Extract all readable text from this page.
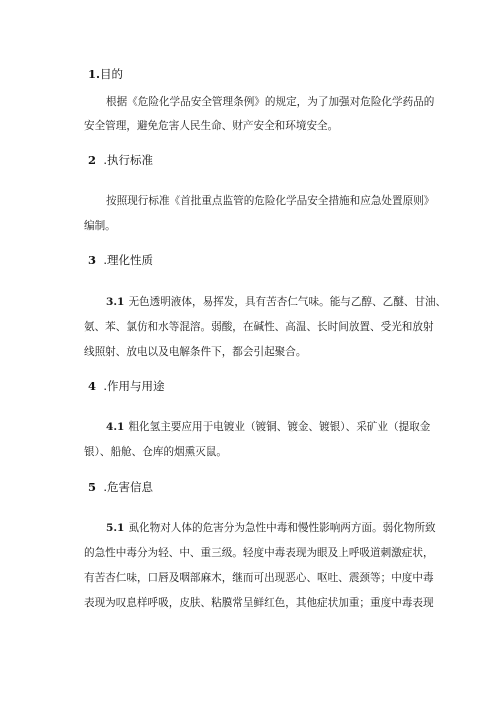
1.目的
根据《危险化学品安全管理条例》的规定，为了加强对危险化学药品的
安全管理，避免危害人民生命、财产安全和环境安全。
2 .执行标准
按照现行标准《首批重点监管的危险化学品安全措施和应急处置原则》
编制。
3 .理化性质
3.1 无色透明液体，易挥发，具有苦杏仁气味。能与乙醇、乙醚、甘油、
氨、苯、氯仿和水等混溶。弱酸，在碱性、高温、长时间放置、受光和放射
线照射、放电以及电解条件下，都会引起聚合。
4 .作用与用途
4.1 粗化氢主要应用于电镀业（镀铜、镀金、镀银）、采矿业（提取金
银）、船舱、仓库的烟熏灭鼠。
5 .危害信息
5.1 虱化物对人体的危害分为急性中毒和慢性影响两方面。弱化物所致
的急性中毒分为轻、中、重三级。轻度中毒表现为眼及上呼吸道刺激症状，
有苦杏仁味，口唇及咽部麻木，继而可出现恶心、呕吐、震颈等；中度中毒
表现为叹息样呼吸，皮肤、粘膜常呈鲜红色，其他症状加重；重度中毒表现
